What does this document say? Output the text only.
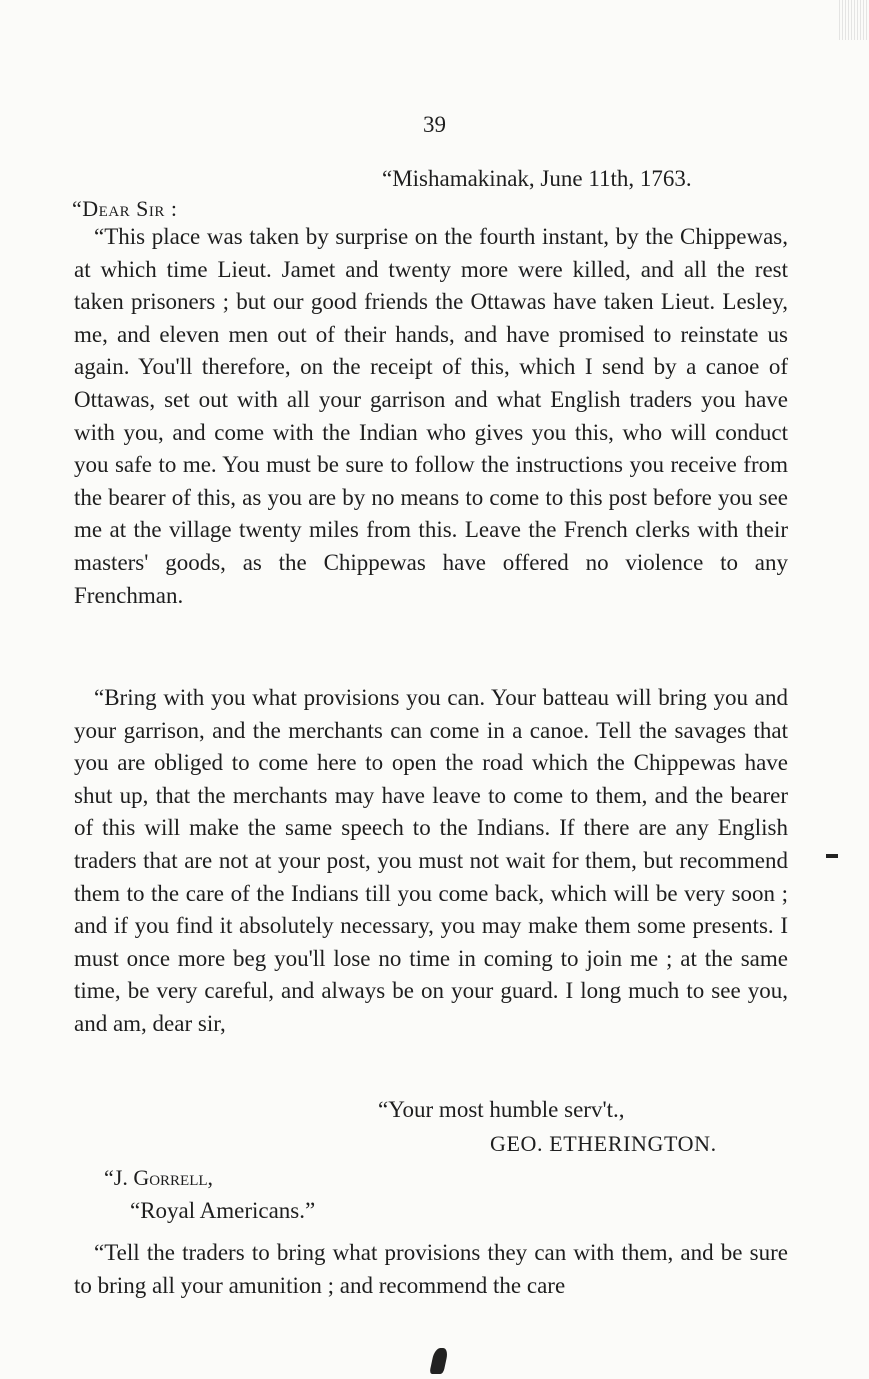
39
“Mishamakinak, June 11th, 1763.
“Dear Sir :

“This place was taken by surprise on the fourth instant, by the Chippewas, at which time Lieut. Jamet and twenty more were killed, and all the rest taken prisoners ; but our good friends the Ottawas have taken Lieut. Lesley, me, and eleven men out of their hands, and have promised to reinstate us again. You'll therefore, on the receipt of this, which I send by a canoe of Ottawas, set out with all your garrison and what English traders you have with you, and come with the Indian who gives you this, who will conduct you safe to me. You must be sure to follow the instructions you receive from the bearer of this, as you are by no means to come to this post before you see me at the village twenty miles from this. Leave the French clerks with their masters' goods, as the Chippewas have offered no violence to any Frenchman.

“Bring with you what provisions you can. Your batteau will bring you and your garrison, and the merchants can come in a canoe. Tell the savages that you are obliged to come here to open the road which the Chippewas have shut up, that the merchants may have leave to come to them, and the bearer of this will make the same speech to the Indians. If there are any English traders that are not at your post, you must not wait for them, but recommend them to the care of the Indians till you come back, which will be very soon ; and if you find it absolutely necessary, you may make them some presents. I must once more beg you'll lose no time in coming to join me ; at the same time, be very careful, and always be on your guard. I long much to see you, and am, dear sir,

“Your most humble serv't.,
GEO. ETHERINGTON.
“J. Gorrell,
“Royal Americans.”

“Tell the traders to bring what provisions they can with them, and be sure to bring all your amunition ; and recommend the care
